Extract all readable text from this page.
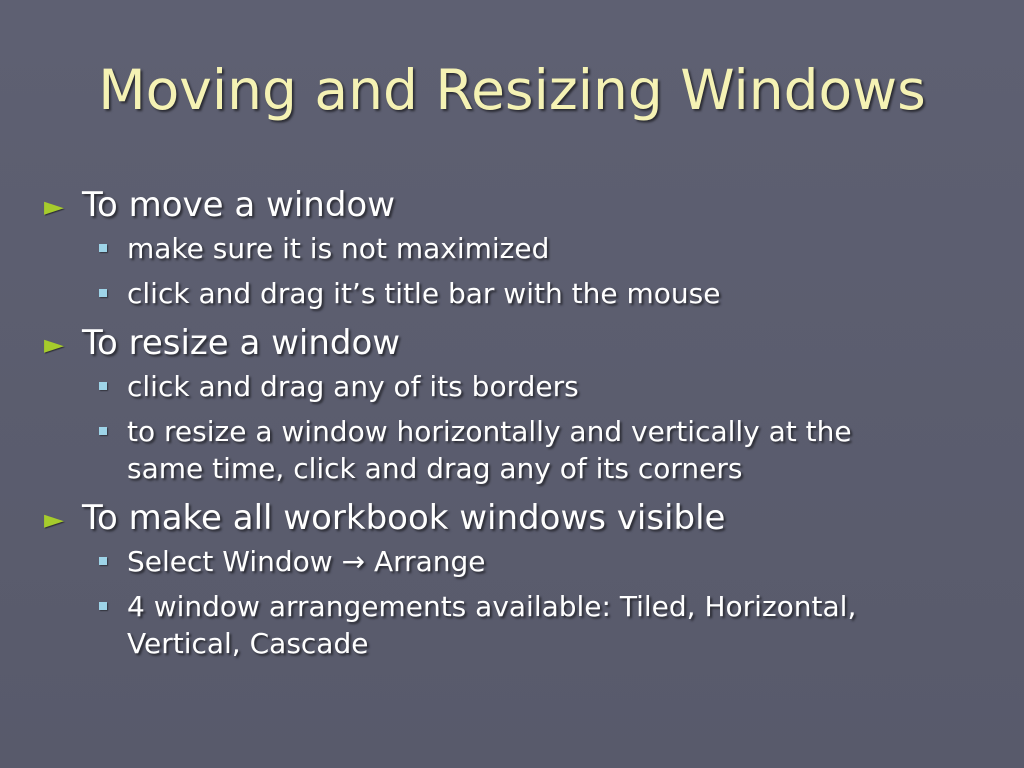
Moving and Resizing Windows
► To move a window
make sure it is not maximized
click and drag it’s title bar with the mouse
► To resize a window
click and drag any of its borders
to resize a window horizontally and vertically at the same time, click and drag any of its corners
► To make all workbook windows visible
Select Window → Arrange
4 window arrangements available: Tiled, Horizontal, Vertical, Cascade
